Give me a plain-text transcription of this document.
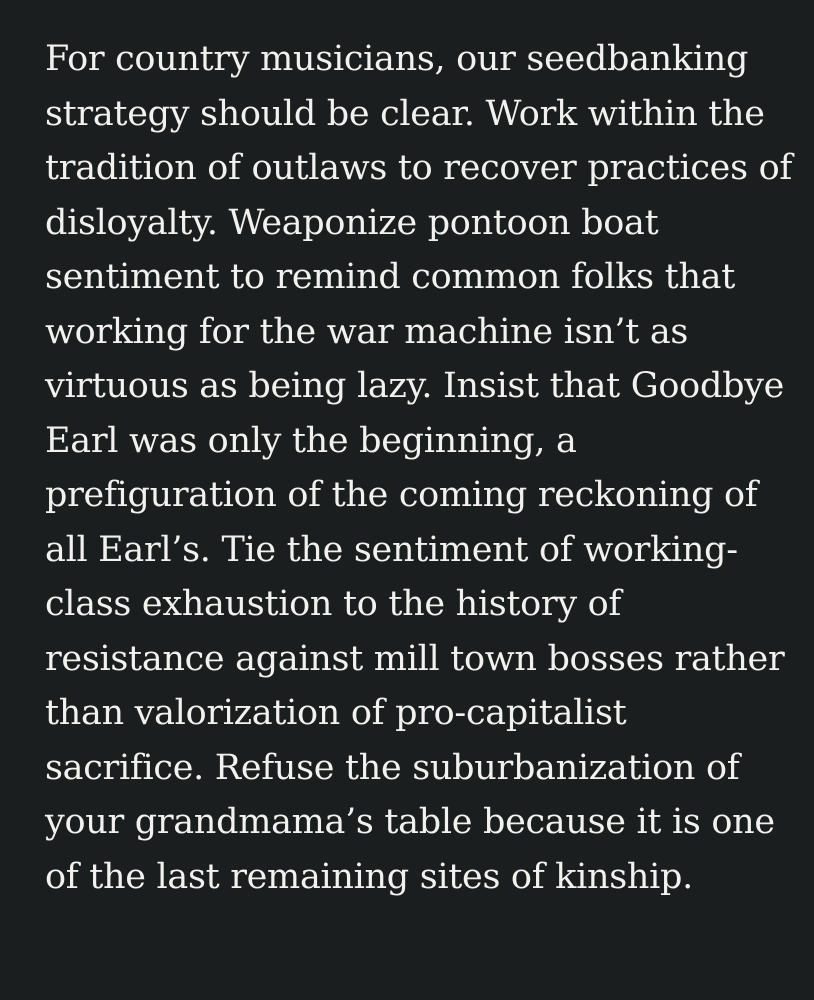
For country musicians, our seedbanking
strategy should be clear. Work within the
tradition of outlaws to recover practices of
disloyalty. Weaponize pontoon boat
sentiment to remind common folks that
working for the war machine isn’t as
virtuous as being lazy. Insist that Goodbye
Earl was only the beginning, a
prefiguration of the coming reckoning of
all Earl’s. Tie the sentiment of working-
class exhaustion to the history of
resistance against mill town bosses rather
than valorization of pro-capitalist
sacrifice. Refuse the suburbanization of
your grandmama’s table because it is one
of the last remaining sites of kinship.
